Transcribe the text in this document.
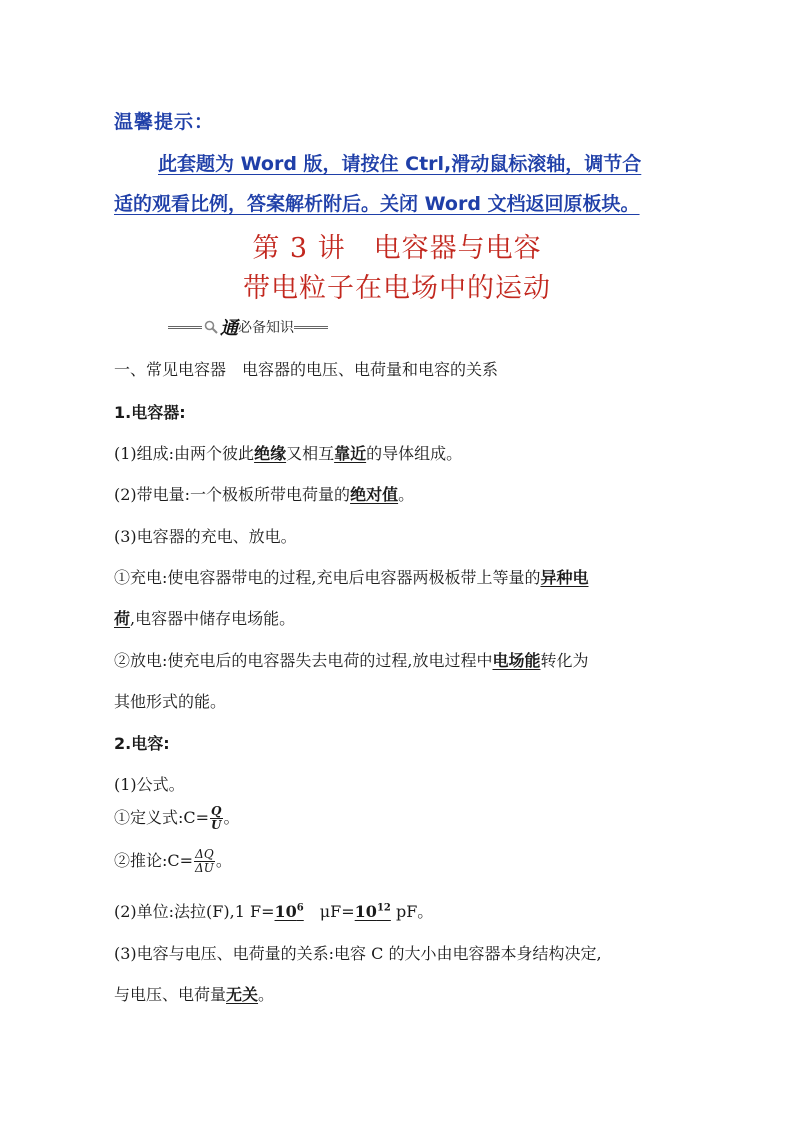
温馨提示：
此套题为 Word 版，请按住 Ctrl,滑动鼠标滚轴，调节合
适的观看比例，答案解析附后。关闭 Word 文档返回原板块。
第 3 讲　电容器与电容
带电粒子在电场中的运动
通 必备知识
一、常见电容器　电容器的电压、电荷量和电容的关系
1.电容器:
(1)组成:由两个彼此绝缘又相互靠近的导体组成。
(2)带电量:一个极板所带电荷量的绝对值。
(3)电容器的充电、放电。
①充电:使电容器带电的过程,充电后电容器两极板带上等量的异种电
荷,电容器中储存电场能。
②放电:使充电后的电容器失去电荷的过程,放电过程中电场能转化为
其他形式的能。
2.电容:
(1)公式。
①定义式:C= $\frac{Q}{U}$ 。
②推论:C= $\frac{\Delta Q}{\Delta U}$ 。
(2)单位:法拉(F),1 $F=10^6$　$\mu F=10^{12}$ pF。
(3)电容与电压、电荷量的关系:电容 C 的大小由电容器本身结构决定,
与电压、电荷量无关。
